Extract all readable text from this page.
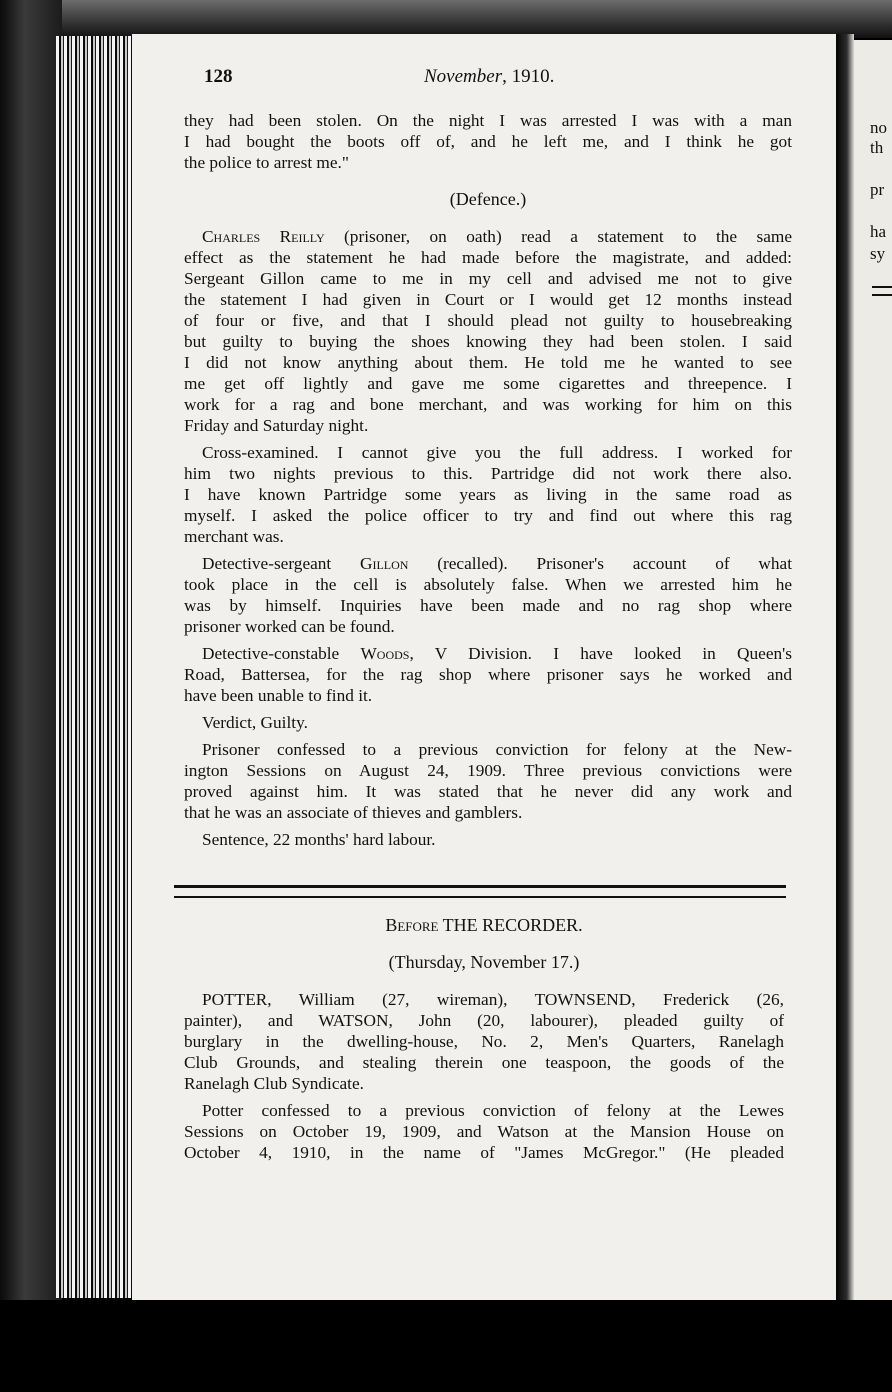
no
th
pr
ha
sy
128	November, 1910.
they had been stolen. On the night I was arrested I was with a man
I had bought the boots off of, and he left me, and I think he got
the police to arrest me."
(Defence.)
Charles Reilly (prisoner, on oath) read a statement to the same
effect as the statement he had made before the magistrate, and added:
Sergeant Gillon came to me in my cell and advised me not to give
the statement I had given in Court or I would get 12 months instead
of four or five, and that I should plead not guilty to housebreaking
but guilty to buying the shoes knowing they had been stolen. I said
I did not know anything about them. He told me he wanted to see
me get off lightly and gave me some cigarettes and threepence. I
work for a rag and bone merchant, and was working for him on this
Friday and Saturday night.
Cross-examined. I cannot give you the full address. I worked for
him two nights previous to this. Partridge did not work there also.
I have known Partridge some years as living in the same road as
myself. I asked the police officer to try and find out where this rag
merchant was.
Detective-sergeant Gillon (recalled). Prisoner's account of what
took place in the cell is absolutely false. When we arrested him he
was by himself. Inquiries have been made and no rag shop where
prisoner worked can be found.
Detective-constable Woods, V Division. I have looked in Queen's
Road, Battersea, for the rag shop where prisoner says he worked and
have been unable to find it.
Verdict, Guilty.
Prisoner confessed to a previous conviction for felony at the New-
ington Sessions on August 24, 1909. Three previous convictions were
proved against him. It was stated that he never did any work and
that he was an associate of thieves and gamblers.
Sentence, 22 months' hard labour.
Before THE RECORDER.
(Thursday, November 17.)
POTTER, William (27, wireman), TOWNSEND, Frederick (26,
painter), and WATSON, John (20, labourer), pleaded guilty of
burglary in the dwelling-house, No. 2, Men's Quarters, Ranelagh
Club Grounds, and stealing therein one teaspoon, the goods of the
Ranelagh Club Syndicate.
Potter confessed to a previous conviction of felony at the Lewes
Sessions on October 19, 1909, and Watson at the Mansion House on
October 4, 1910, in the name of "James McGregor." (He pleaded
